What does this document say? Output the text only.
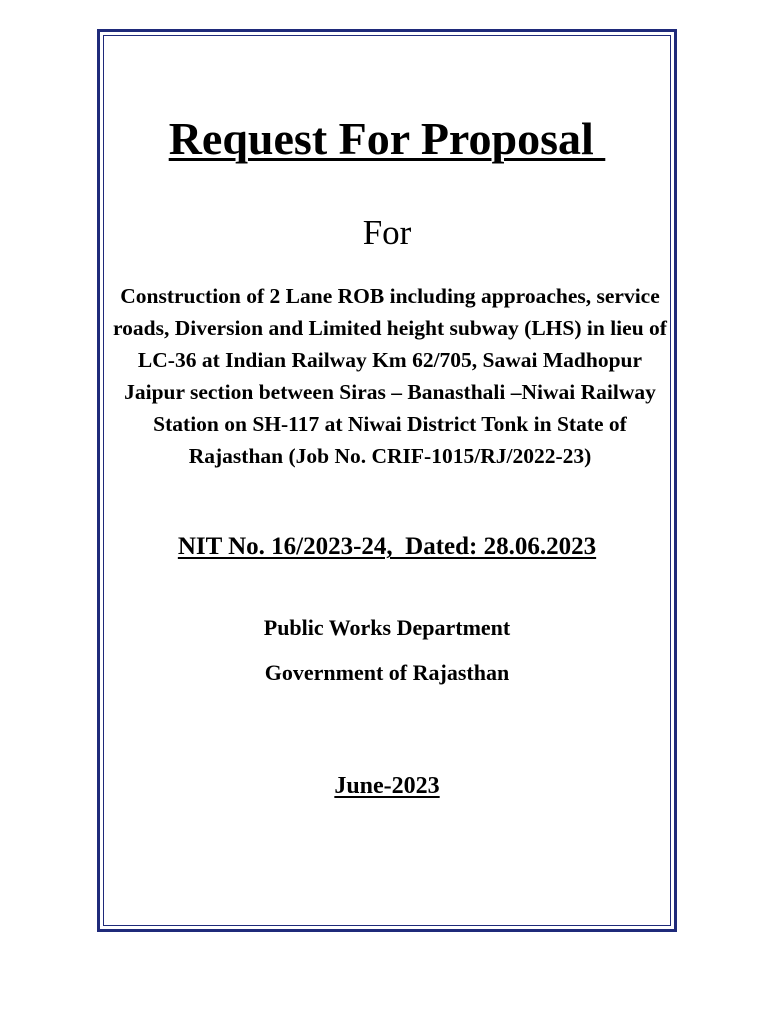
Request For Proposal
For
Construction of 2 Lane ROB including approaches, service roads, Diversion and Limited height subway (LHS) in lieu of LC-36 at Indian Railway Km 62/705, Sawai Madhopur Jaipur section between Siras – Banasthali –Niwai Railway Station on SH-117 at Niwai District Tonk in State of Rajasthan (Job No. CRIF-1015/RJ/2022-23)
NIT No. 16/2023-24,  Dated: 28.06.2023
Public Works Department
Government of Rajasthan
June-2023
